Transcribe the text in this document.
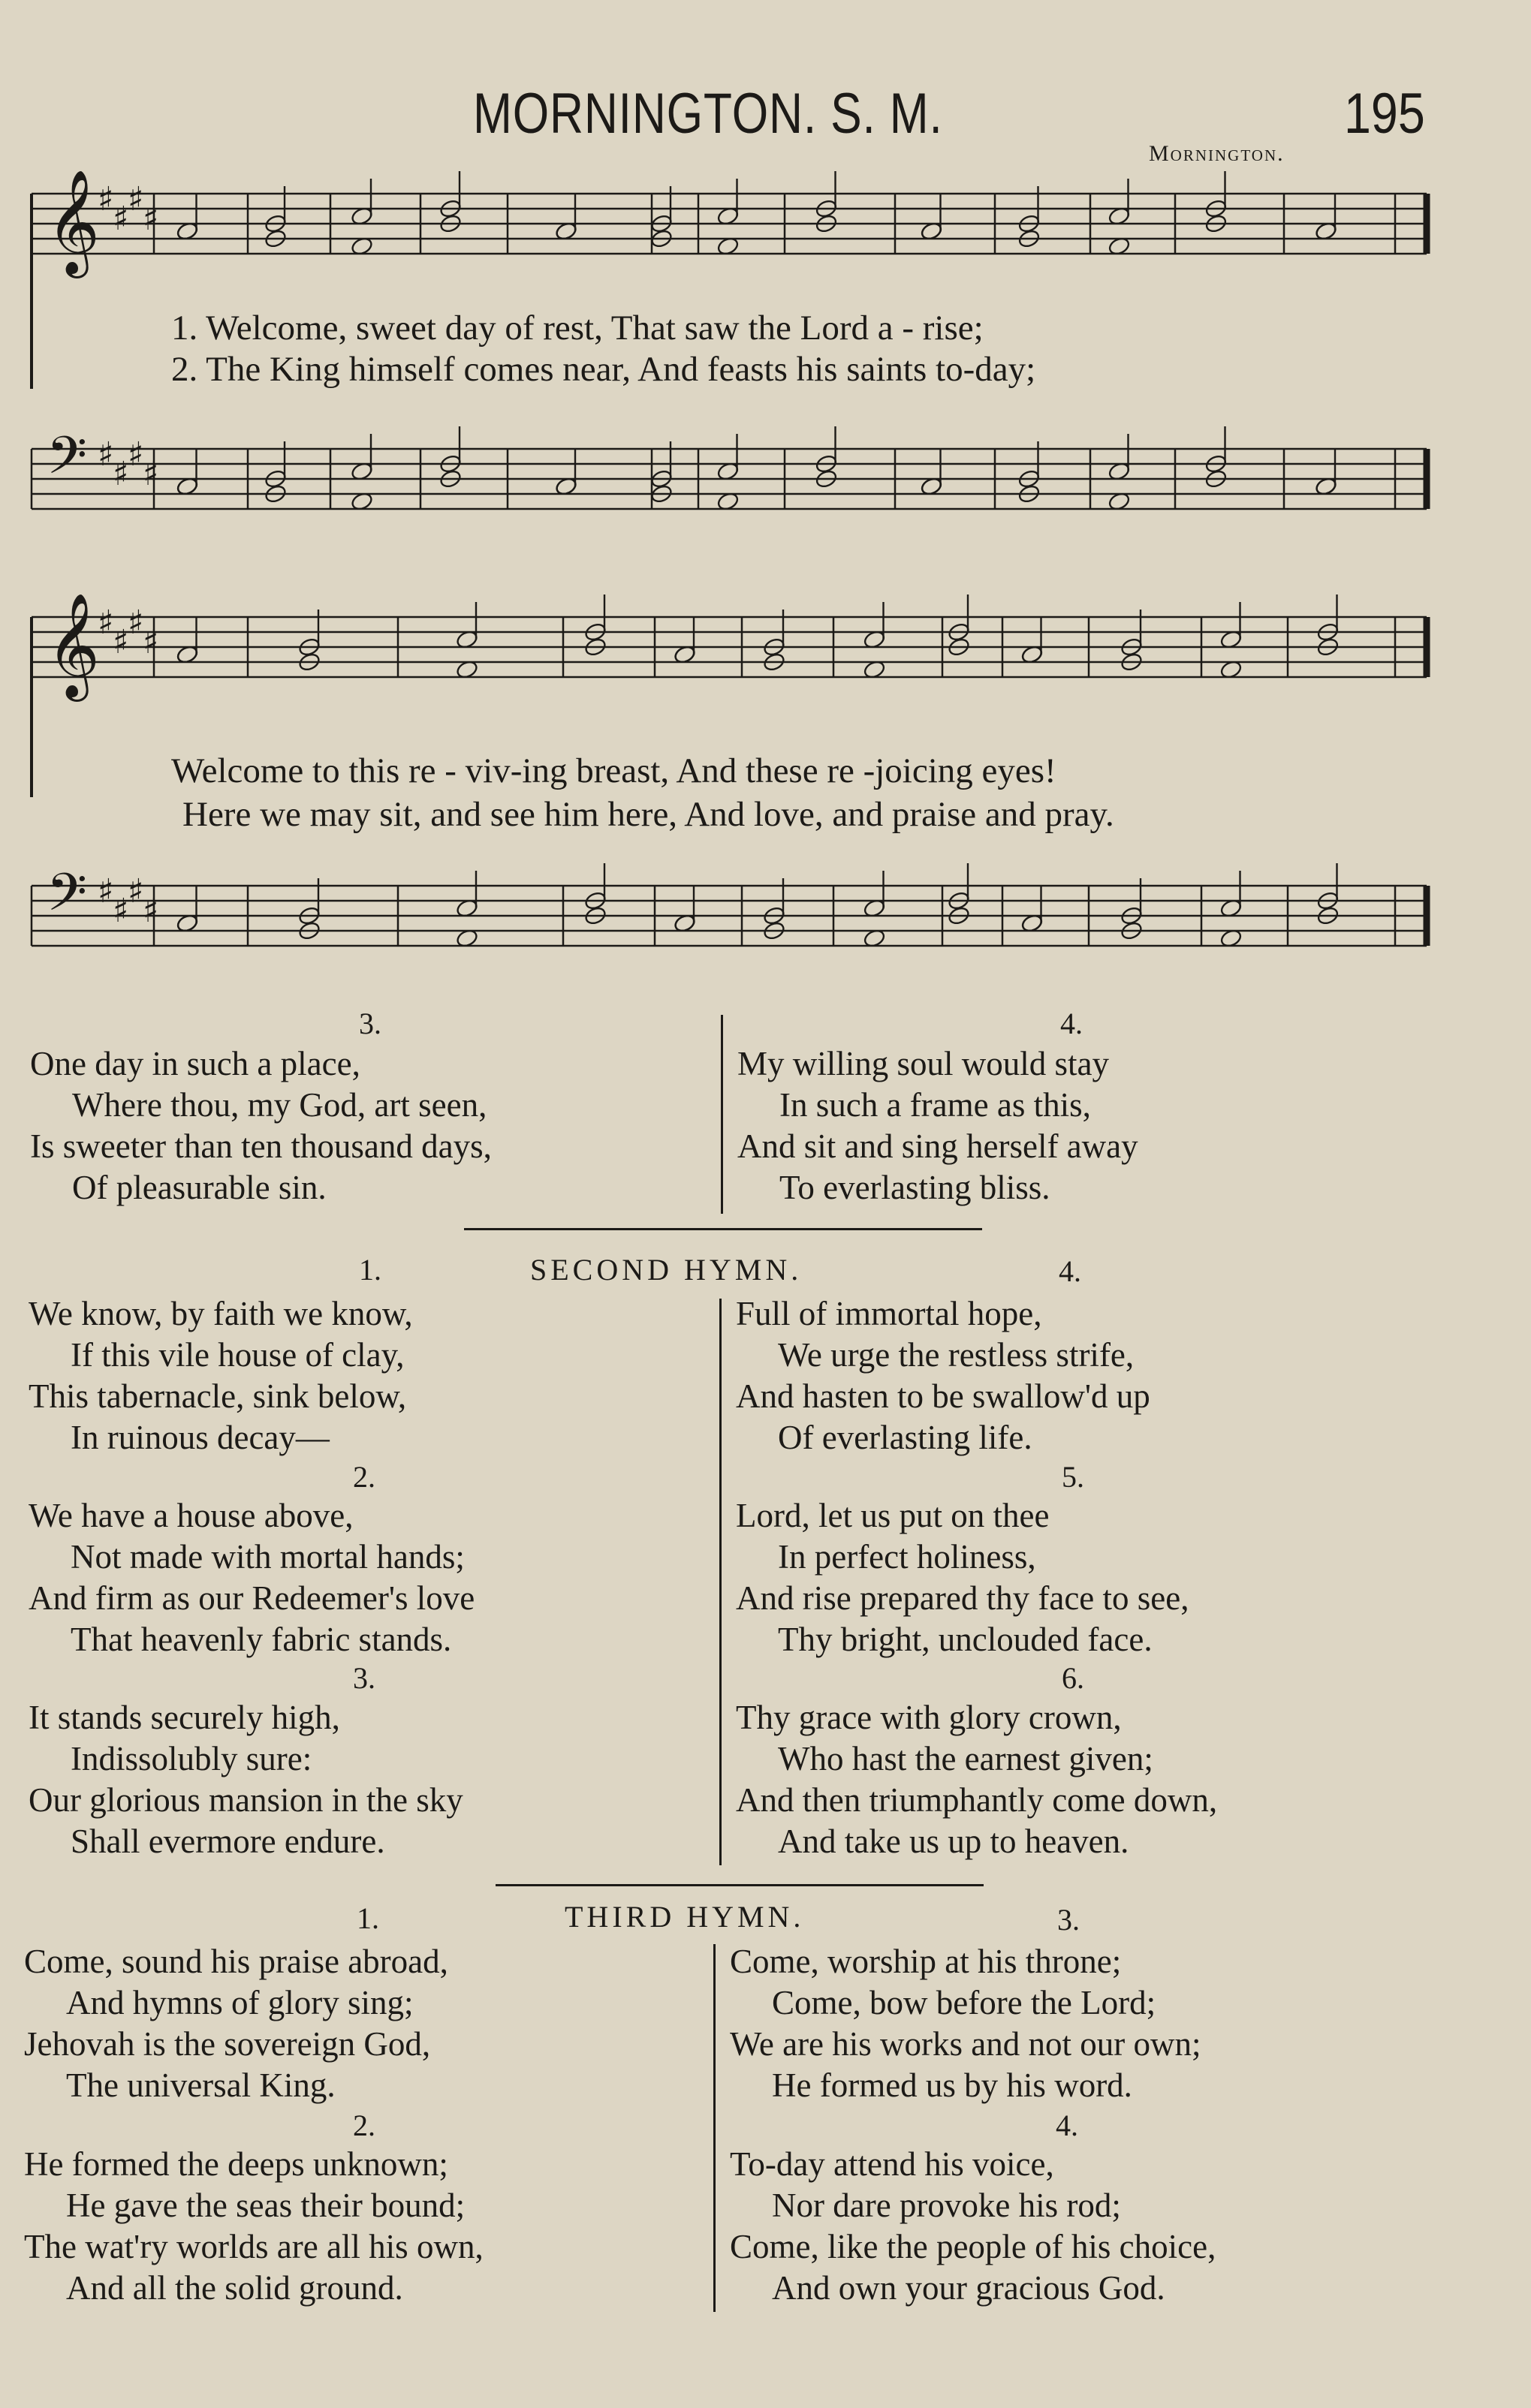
MORNINGTON. S. M.	195
Mornington.
𝄞
♯
♯
♯
♯
𝄢 ♯
♯
♯
♯
𝄞
♯
♯
♯
♯
𝄢 ♯
♯
♯
♯
1. Welcome, sweet day of rest, That saw the Lord a - rise;
2. The King himself comes near, And feasts his saints to-day;
Welcome to this re - viv-ing breast, And these re -joicing eyes!
Here we may sit, and see him here, And love, and praise and pray.
3.
One day in such a place,
Where thou, my God, art seen,
Is sweeter than ten thousand days,
Of pleasurable sin.
4.
My willing soul would stay
In such a frame as this,
And sit and sing herself away
To everlasting bliss.
1.	SECOND HYMN.	4.
We know, by faith we know,
If this vile house of clay,
This tabernacle, sink below,
In ruinous decay—
2.
We have a house above,
Not made with mortal hands;
And firm as our Redeemer's love
That heavenly fabric stands.
3.
It stands securely high,
Indissolubly sure:
Our glorious mansion in the sky
Shall evermore endure.
Full of immortal hope,
We urge the restless strife,
And hasten to be swallow'd up
Of everlasting life.
5.
Lord, let us put on thee
In perfect holiness,
And rise prepared thy face to see,
Thy bright, unclouded face.
6.
Thy grace with glory crown,
Who hast the earnest given;
And then triumphantly come down,
And take us up to heaven.
1.	THIRD HYMN.	3.
Come, sound his praise abroad,
And hymns of glory sing;
Jehovah is the sovereign God,
The universal King.
2.
He formed the deeps unknown;
He gave the seas their bound;
The wat'ry worlds are all his own,
And all the solid ground.
Come, worship at his throne;
Come, bow before the Lord;
We are his works and not our own;
He formed us by his word.
4.
To-day attend his voice,
Nor dare provoke his rod;
Come, like the people of his choice,
And own your gracious God.
